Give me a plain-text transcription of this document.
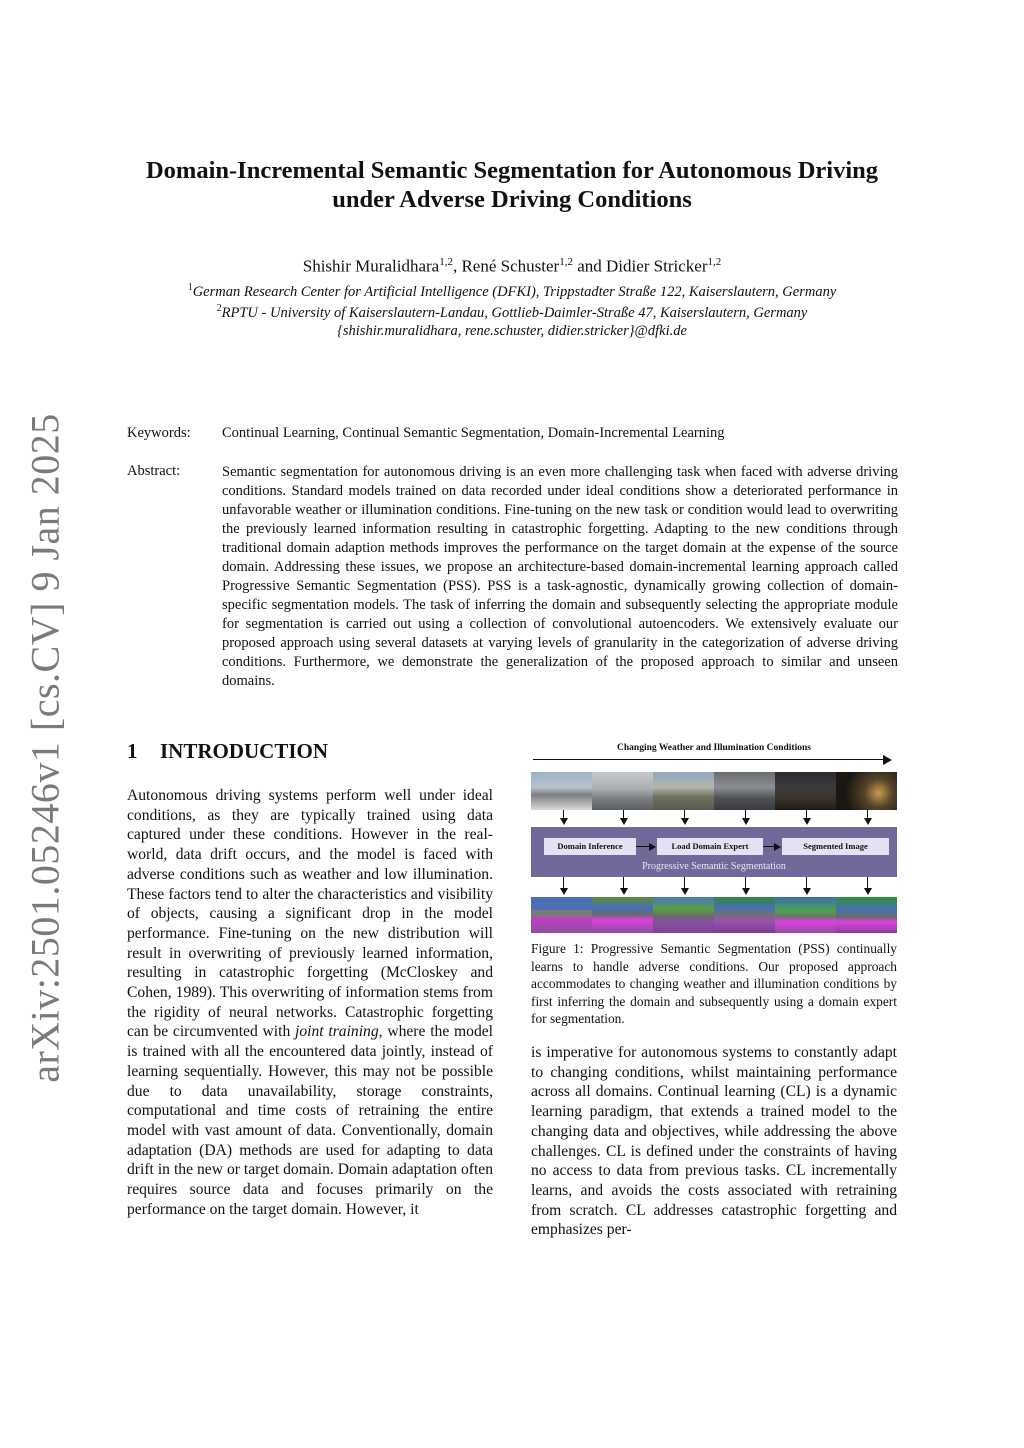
arXiv:2501.05246v1 [cs.CV] 9 Jan 2025
Domain-Incremental Semantic Segmentation for Autonomous Driving
under Adverse Driving Conditions
Shishir Muralidhara$^{1,2}$, René Schuster$^{1,2}$ and Didier Stricker$^{1,2}$
$^1$German Research Center for Artificial Intelligence (DFKI), Trippstadter Straße 122, Kaiserslautern, Germany
$^2$RPTU - University of Kaiserslautern-Landau, Gottlieb-Daimler-Straße 47, Kaiserslautern, Germany
{shishir.muralidhara, rene.schuster, didier.stricker}@dfki.de
Keywords: Continual Learning, Continual Semantic Segmentation, Domain-Incremental Learning
Abstract:	Semantic segmentation for autonomous driving is an even more challenging task when faced with adverse driving conditions. Standard models trained on data recorded under ideal conditions show a deteriorated performance in unfavorable weather or illumination conditions. Fine-tuning on the new task or condition would lead to overwriting the previously learned information resulting in catastrophic forgetting. Adapting to the new conditions through traditional domain adaption methods improves the performance on the target domain at the expense of the source domain. Addressing these issues, we propose an architecture-based domain-incremental learning approach called Progressive Semantic Segmentation (PSS). PSS is a task-agnostic, dynamically growing collection of domain-specific segmentation models. The task of inferring the domain and subsequently selecting the appropriate module for segmentation is carried out using a collection of convolutional autoencoders. We extensively evaluate our proposed approach using several datasets at varying levels of granularity in the categorization of adverse driving conditions. Furthermore, we demonstrate the generalization of the proposed approach to similar and unseen domains.
1 INTRODUCTION
Autonomous driving systems perform well under ideal conditions, as they are typically trained using data captured under these conditions. However in the real-world, data drift occurs, and the model is faced with adverse conditions such as weather and low illumination. These factors tend to alter the characteristics and visibility of objects, causing a significant drop in the model performance. Fine-tuning on the new distribution will result in overwriting of previously learned information, resulting in catastrophic forgetting (McCloskey and Cohen, 1989). This overwriting of information stems from the rigidity of neural networks. Catastrophic forgetting can be circumvented with joint training, where the model is trained with all the encountered data jointly, instead of learning sequentially. However, this may not be possible due to data unavailability, storage constraints, computational and time costs of retraining the entire model with vast amount of data. Conventionally, domain adaptation (DA) methods are used for adapting to data drift in the new or target domain. Domain adaptation often requires source data and focuses primarily on the performance on the target domain. However, it
Changing Weather and Illumination Conditions
Domain Inference	Load Domain Expert	Segmented Image
Progressive Semantic Segmentation
Figure 1: Progressive Semantic Segmentation (PSS) continually learns to handle adverse conditions. Our proposed approach accommodates to changing weather and illumination conditions by first inferring the domain and subsequently using a domain expert for segmentation.
is imperative for autonomous systems to constantly adapt to changing conditions, whilst maintaining performance across all domains. Continual learning (CL) is a dynamic learning paradigm, that extends a trained model to the changing data and objectives, while addressing the above challenges. CL is defined under the constraints of having no access to data from previous tasks. CL incrementally learns, and avoids the costs associated with retraining from scratch. CL addresses catastrophic forgetting and emphasizes per-
